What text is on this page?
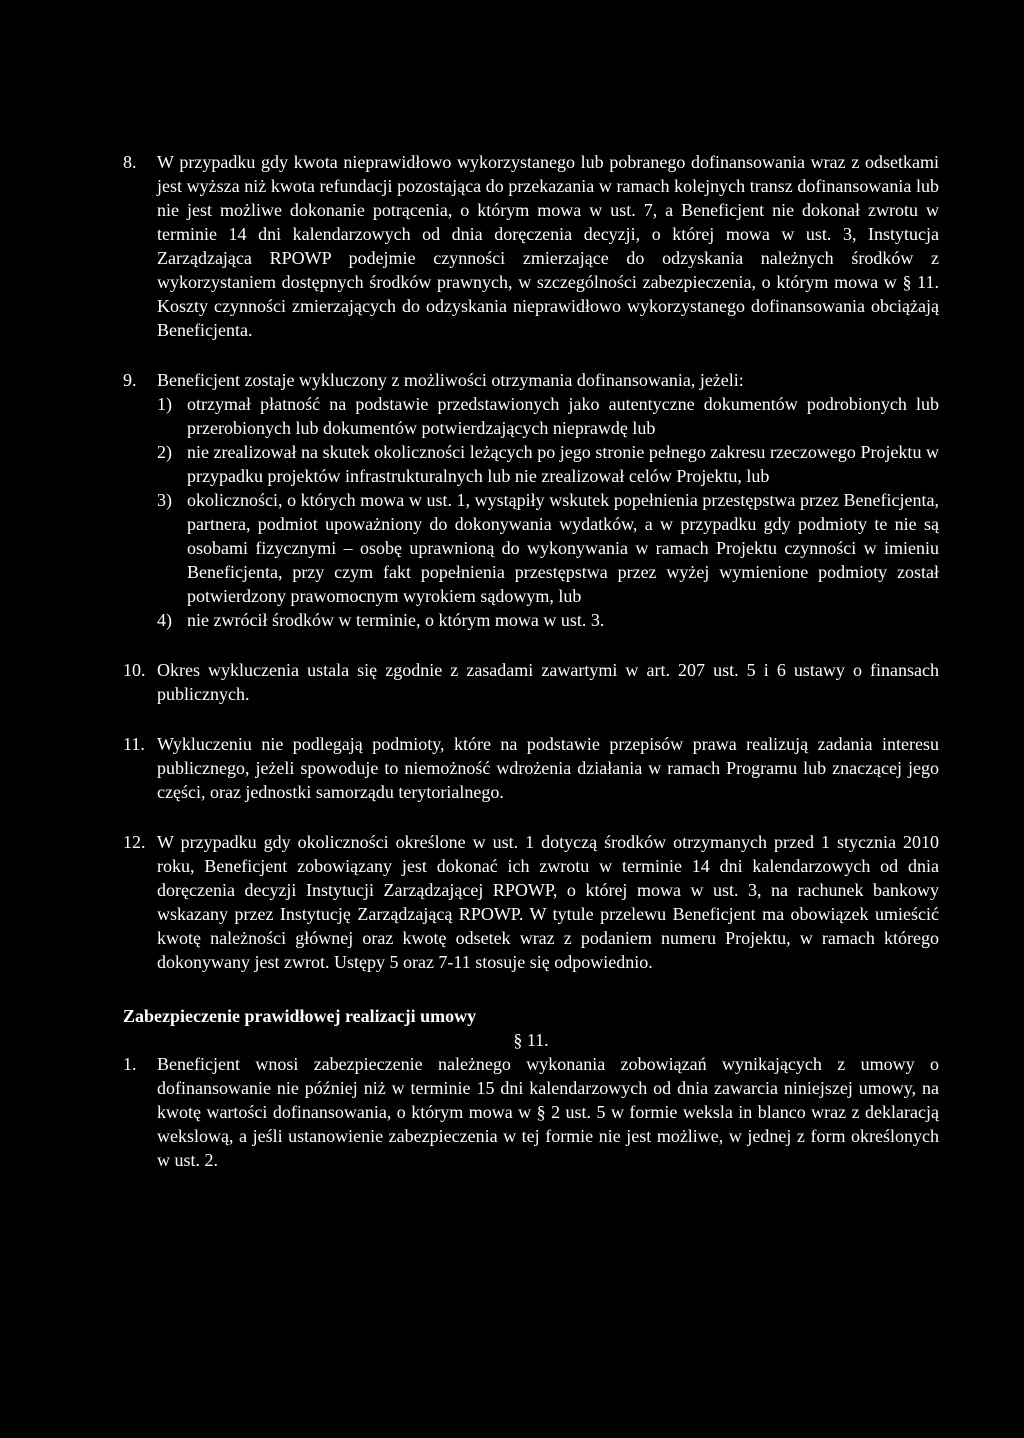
8.	W przypadku gdy kwota nieprawidłowo wykorzystanego lub pobranego dofinansowania wraz z odsetkami jest wyższa niż kwota refundacji pozostająca do przekazania w ramach kolejnych transz dofinansowania lub nie jest możliwe dokonanie potrącenia, o którym mowa w ust. 7, a Beneficjent nie dokonał zwrotu w terminie 14 dni kalendarzowych od dnia doręczenia decyzji, o której mowa w ust. 3, Instytucja Zarządzająca RPOWP podejmie czynności zmierzające do odzyskania należnych środków z wykorzystaniem dostępnych środków prawnych, w szczególności zabezpieczenia, o którym mowa w § 11. Koszty czynności zmierzających do odzyskania nieprawidłowo wykorzystanego dofinansowania obciążają Beneficjenta.
9.	Beneficjent zostaje wykluczony z możliwości otrzymania dofinansowania, jeżeli:
1) otrzymał płatność na podstawie przedstawionych jako autentyczne dokumentów podrobionych lub przerobionych lub dokumentów potwierdzających nieprawdę lub
2) nie zrealizował na skutek okoliczności leżących po jego stronie pełnego zakresu rzeczowego Projektu w przypadku projektów infrastrukturalnych lub nie zrealizował celów Projektu, lub
3) okoliczności, o których mowa w ust. 1, wystąpiły wskutek popełnienia przestępstwa przez Beneficjenta, partnera, podmiot upoważniony do dokonywania wydatków, a w przypadku gdy podmioty te nie są osobami fizycznymi – osobę uprawnioną do wykonywania w ramach Projektu czynności w imieniu Beneficjenta, przy czym fakt popełnienia przestępstwa przez wyżej wymienione podmioty został potwierdzony prawomocnym wyrokiem sądowym, lub
4) nie zwrócił środków w terminie, o którym mowa w ust. 3.
10. Okres wykluczenia ustala się zgodnie z zasadami zawartymi w art. 207 ust. 5 i 6 ustawy o finansach publicznych.
11. Wykluczeniu nie podlegają podmioty, które na podstawie przepisów prawa realizują zadania interesu publicznego, jeżeli spowoduje to niemożność wdrożenia działania w ramach Programu lub znaczącej jego części, oraz jednostki samorządu terytorialnego.
12. W przypadku gdy okoliczności określone w ust. 1 dotyczą środków otrzymanych przed 1 stycznia 2010 roku, Beneficjent zobowiązany jest dokonać ich zwrotu w terminie 14 dni kalendarzowych od dnia doręczenia decyzji Instytucji Zarządzającej RPOWP, o której mowa w ust. 3, na rachunek bankowy wskazany przez Instytucję Zarządzającą RPOWP. W tytule przelewu Beneficjent ma obowiązek umieścić kwotę należności głównej oraz kwotę odsetek wraz z podaniem numeru Projektu, w ramach którego dokonywany jest zwrot. Ustępy 5 oraz 7-11 stosuje się odpowiednio.
Zabezpieczenie prawidłowej realizacji umowy
§ 11.
1.	Beneficjent wnosi zabezpieczenie należnego wykonania zobowiązań wynikających z umowy o dofinansowanie nie później niż w terminie 15 dni kalendarzowych od dnia zawarcia niniejszej umowy, na kwotę wartości dofinansowania, o którym mowa w § 2 ust. 5 w formie weksla in blanco wraz z deklaracją wekslową, a jeśli ustanowienie zabezpieczenia w tej formie nie jest możliwe, w jednej z form określonych w ust. 2.
